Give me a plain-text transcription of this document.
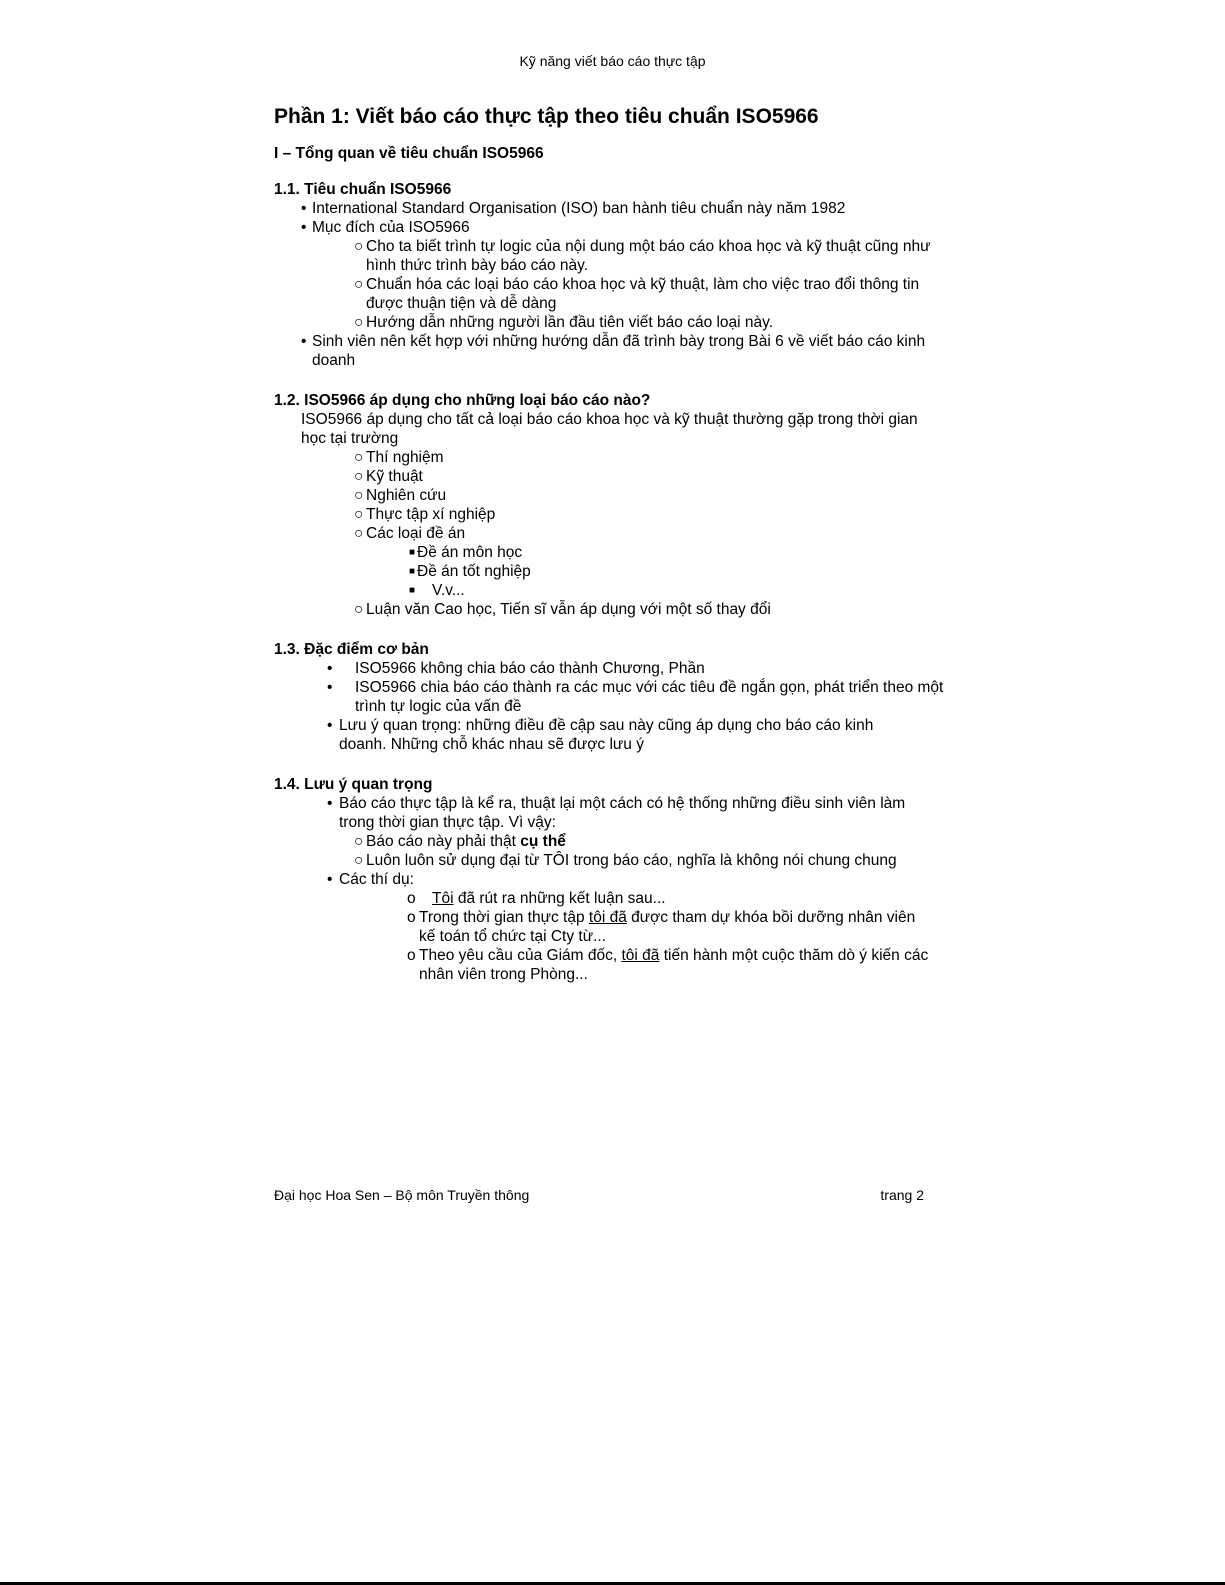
Kỹ năng viết báo cáo thực tập
Phần 1: Viết báo cáo thực tập theo tiêu chuẩn ISO5966
I – Tổng quan về tiêu chuẩn ISO5966
1.1. Tiêu chuẩn ISO5966
• International Standard Organisation (ISO) ban hành tiêu chuẩn này năm 1982
• Mục đích của ISO5966
○ Cho ta biết trình tự logic của nội dung một báo cáo khoa học và kỹ thuật cũng như hình thức trình bày báo cáo này.
○ Chuẩn hóa các loại báo cáo khoa học và kỹ thuật, làm cho việc trao đổi thông tin được thuận tiện và dễ dàng
○ Hướng dẫn những người lần đầu tiên viết báo cáo loại này.
• Sinh viên nên kết hợp với những hướng dẫn đã trình bày trong Bài 6 về viết báo cáo kinh doanh
1.2. ISO5966 áp dụng cho những loại báo cáo nào?
ISO5966 áp dụng cho tất cả loại báo cáo khoa học và kỹ thuật thường gặp trong thời gian học tại trường
○ Thí nghiệm
○ Kỹ thuật
○ Nghiên cứu
○ Thực tập xí nghiệp
○ Các loại đề án
■ Đề án môn học
■ Đề án tốt nghiệp
■ V.v...
○ Luận văn Cao học, Tiến sĩ vẫn áp dụng với một số thay đổi
1.3. Đặc điểm cơ bản
• ISO5966 không chia báo cáo thành Chương, Phần
• ISO5966 chia báo cáo thành ra các mục với các tiêu đề ngắn gọn, phát triển theo một trình tự logic của vấn đề
• Lưu ý quan trọng: những điều đề cập sau này cũng áp dụng cho báo cáo kinh doanh. Những chỗ khác nhau sẽ được lưu ý
1.4. Lưu ý quan trọng
• Báo cáo thực tập là kể ra, thuật lại một cách có hệ thống những điều sinh viên làm trong thời gian thực tập. Vì vậy:
○ Báo cáo này phải thật cụ thể
○ Luôn luôn sử dụng đại từ TÔI trong báo cáo, nghĩa là không nói chung chung
• Các thí dụ:
o Tôi đã rút ra những kết luận sau...
o Trong thời gian thực tập tôi đã được tham dự khóa bồi dưỡng nhân viên kế toán tổ chức tại Cty từ...
o Theo yêu cầu của Giám đốc, tôi đã tiến hành một cuộc thăm dò ý kiến các nhân viên trong Phòng...
Đại học Hoa Sen – Bộ môn Truyền thông	trang 2
